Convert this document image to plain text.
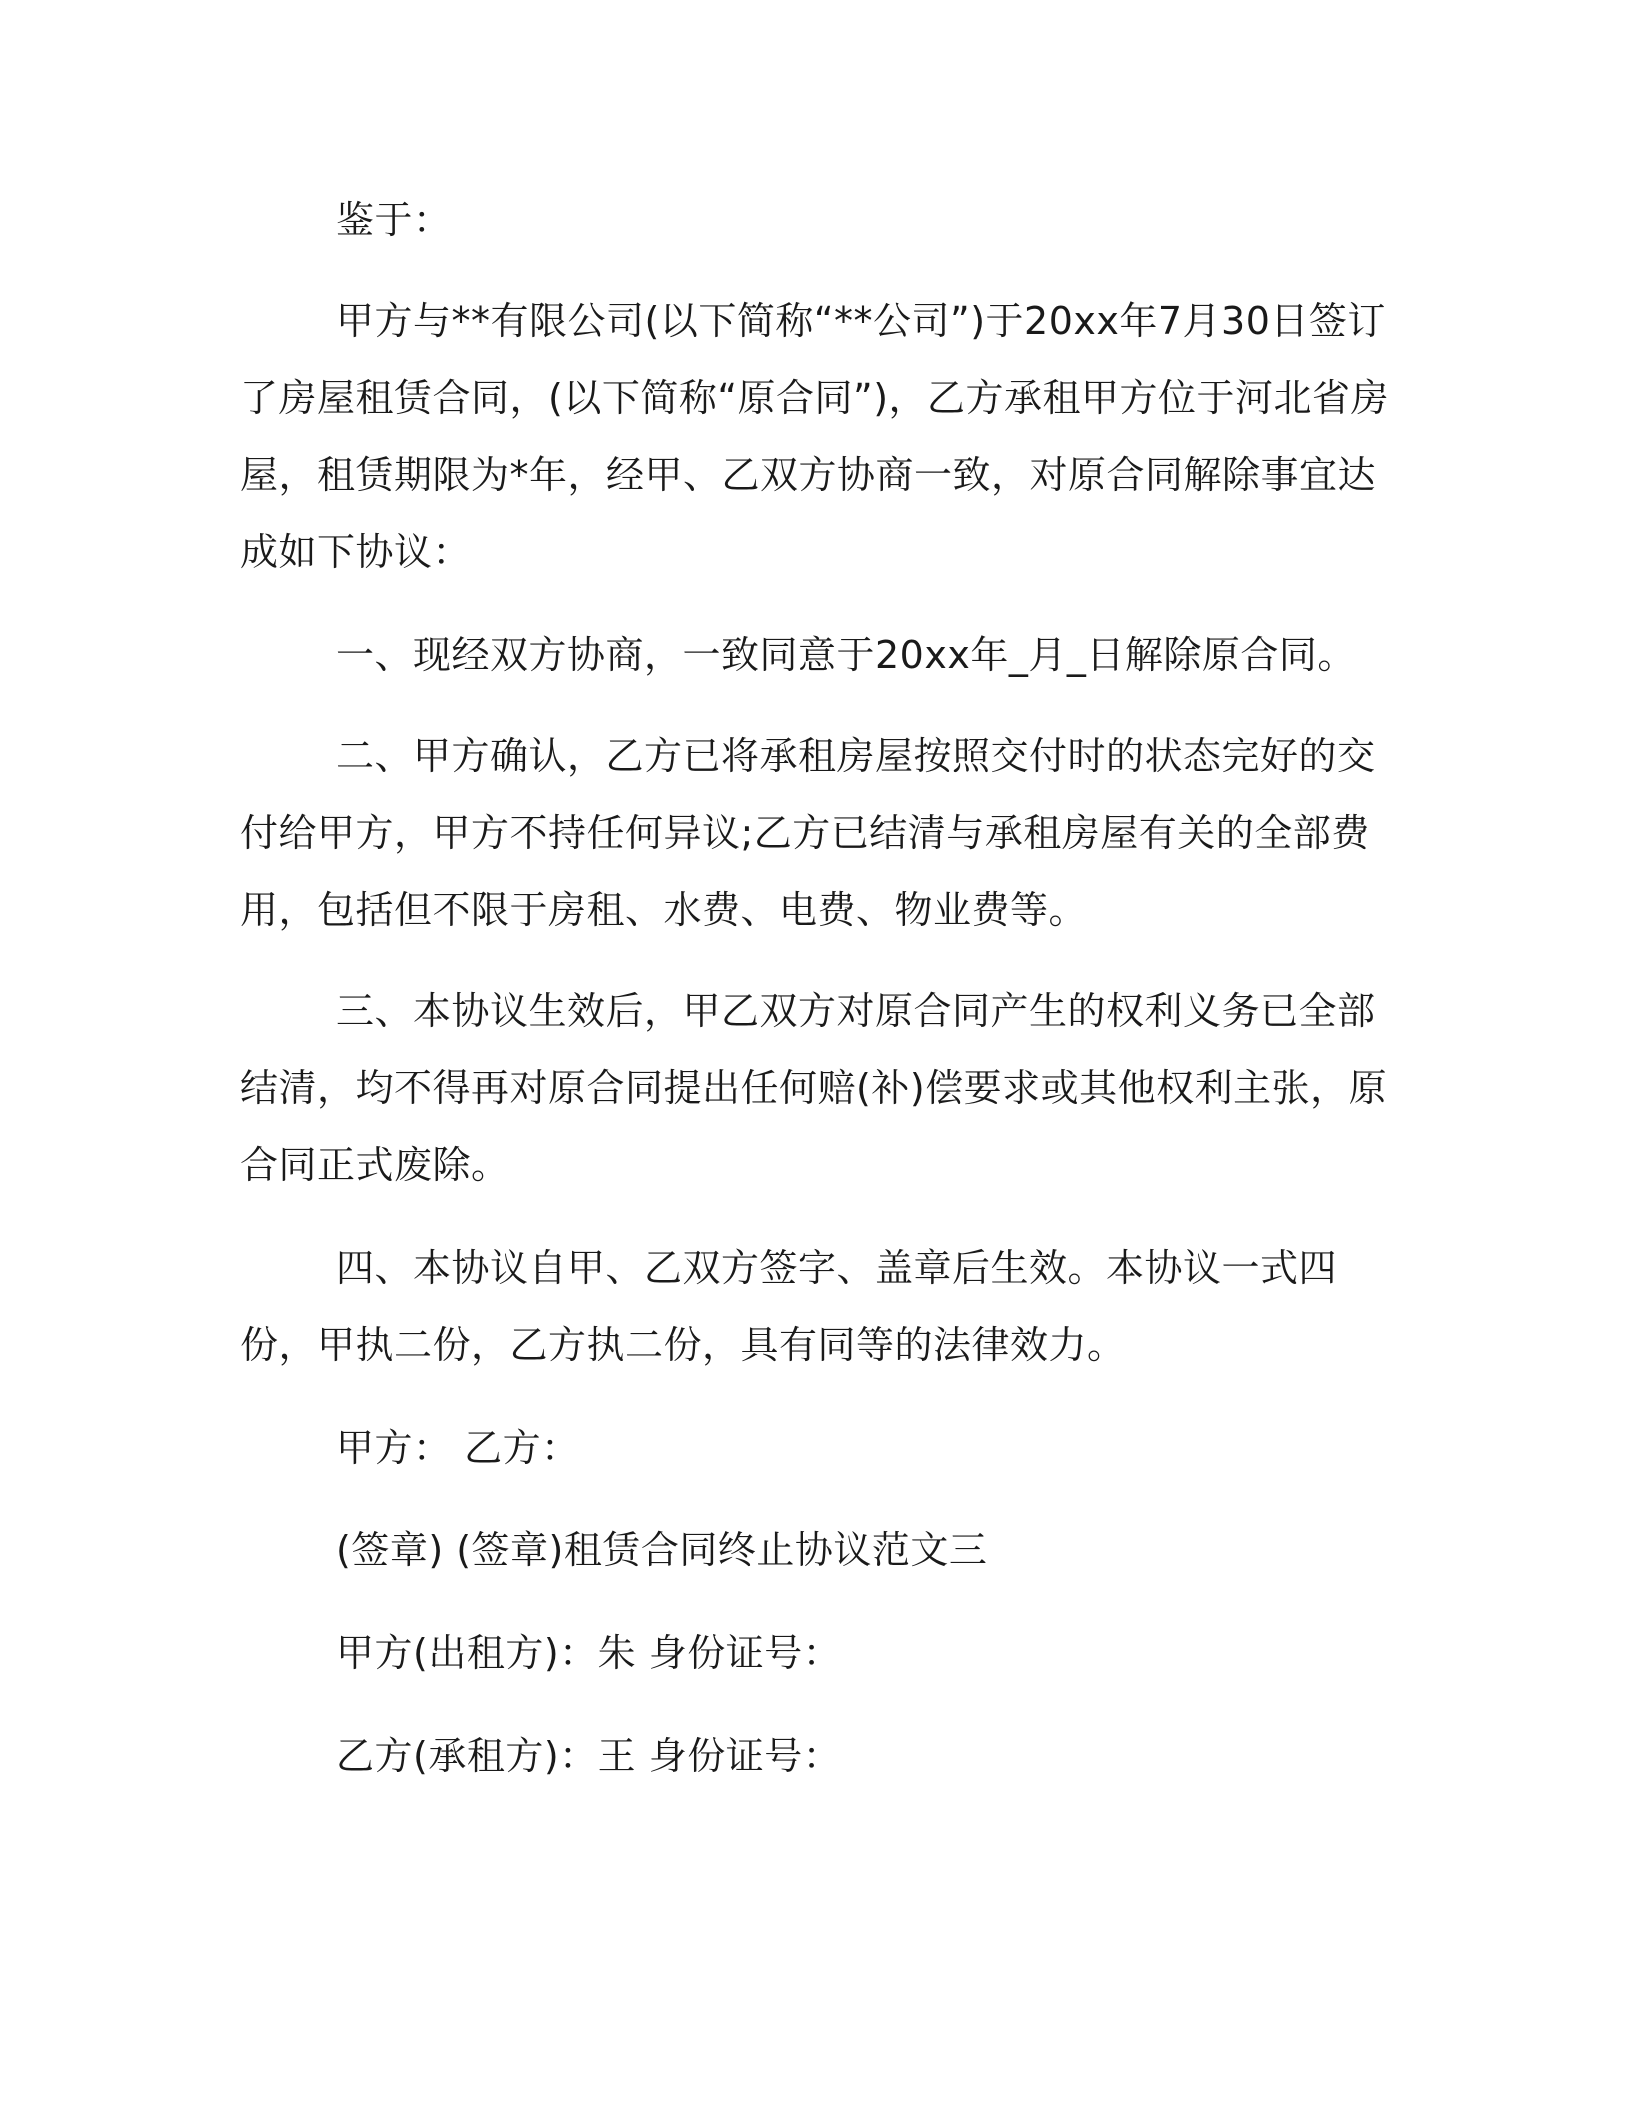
鉴于：

甲方与**有限公司(以下简称“**公司”)于20xx年7月30日签订了房屋租赁合同，(以下简称“原合同”)，乙方承租甲方位于河北省房屋，租赁期限为*年，经甲、乙双方协商一致，对原合同解除事宜达成如下协议：

一、现经双方协商，一致同意于20xx年_月_日解除原合同。

二、甲方确认，乙方已将承租房屋按照交付时的状态完好的交付给甲方，甲方不持任何异议;乙方已结清与承租房屋有关的全部费用，包括但不限于房租、水费、电费、物业费等。

三、本协议生效后，甲乙双方对原合同产生的权利义务已全部结清，均不得再对原合同提出任何赔(补)偿要求或其他权利主张，原合同正式废除。

四、本协议自甲、乙双方签字、盖章后生效。本协议一式四份，甲执二份，乙方执二份，具有同等的法律效力。

甲方： 乙方：

(签章) (签章)租赁合同终止协议范文三

甲方(出租方)：朱 身份证号：

乙方(承租方)：王 身份证号：
